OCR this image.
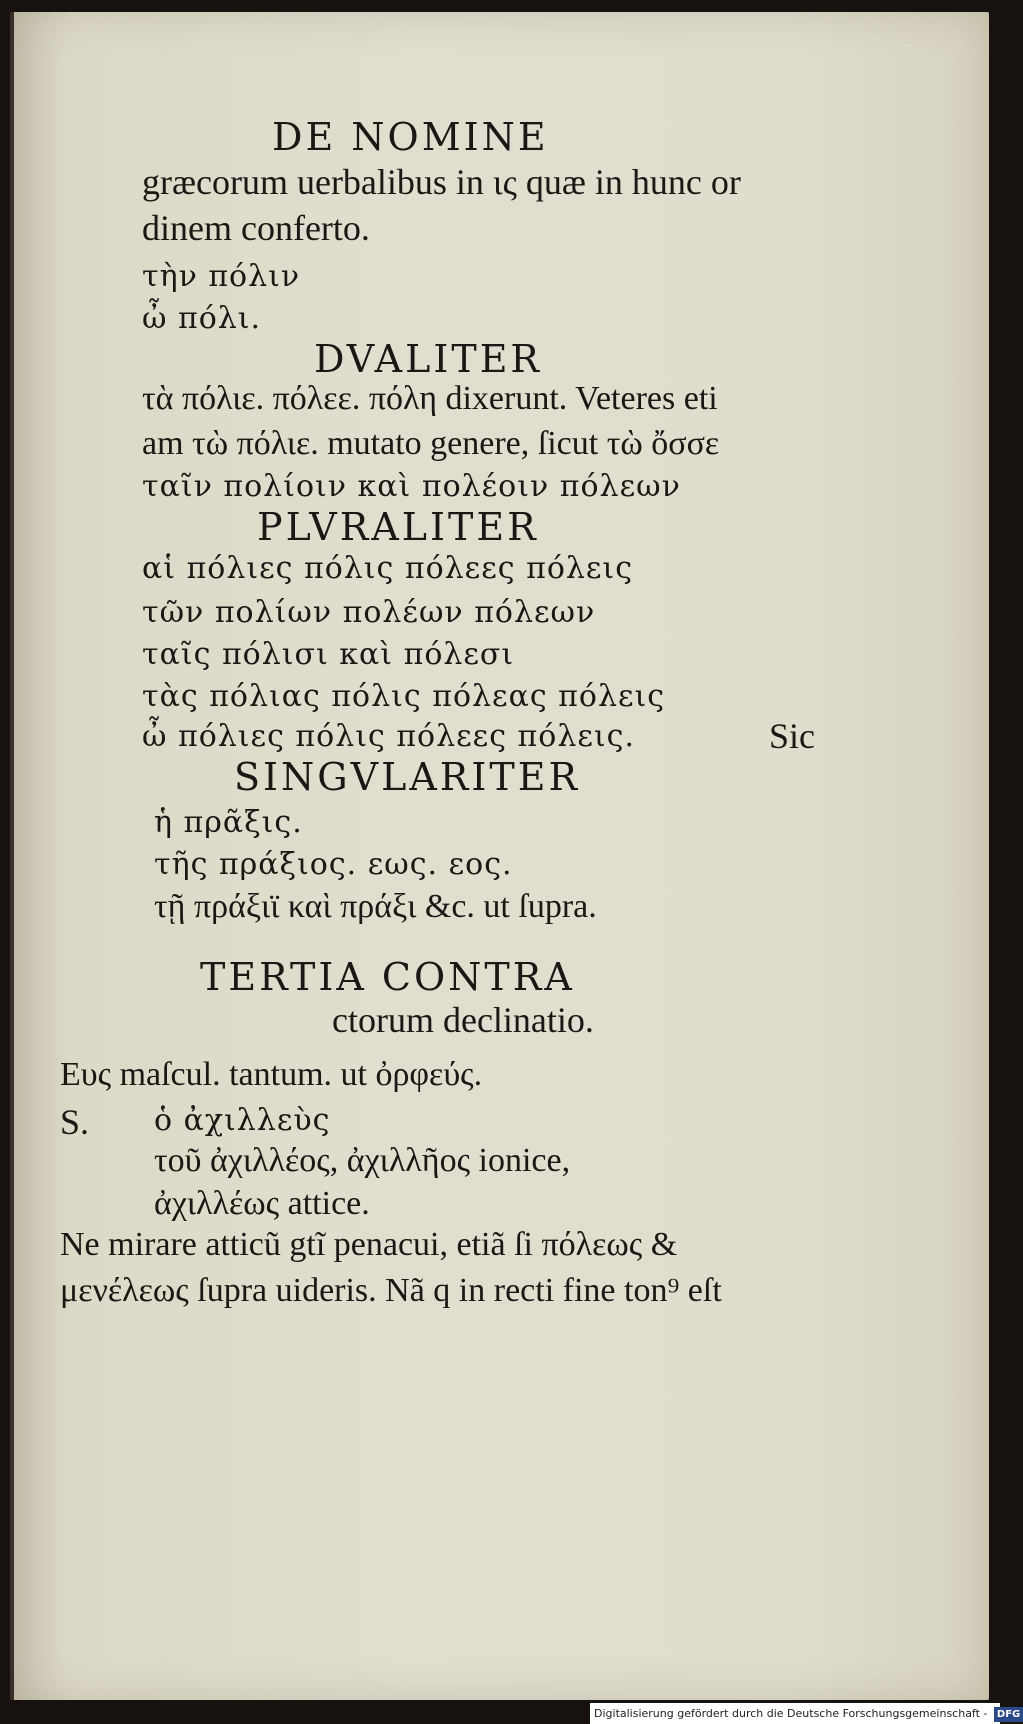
DE NOMINE
græcorum uerbalibus in ις quæ in hunc or
dinem conferto.
τὴν πόλιν
ὦ πόλι.
DVALITER
τὰ πόλιε. πόλεε. πόλη dixerunt. Veteres eti
am τὼ πόλιε. mutato genere, ſicut τὼ ὄσσε
ταῖν πολίοιν καὶ πολέοιν πόλεων
PLVRALITER
αἱ πόλιες πόλις πόλεες πόλεις
τῶν πολίων πολέων πόλεων
ταῖς πόλισι καὶ πόλεσι
τὰς πόλιας πόλις πόλεας πόλεις
ὦ πόλιες πόλις πόλεες πόλεις.	Sic
SINGVLARITER
ἡ πρᾶξις.
τῆς πράξιος. εως. εος.
τῇ πράξιϊ καὶ πράξι &c. ut ſupra.
TERTIA CONTRA
ctorum declinatio.
Ευς maſcul. tantum. ut ὀρφεύς.
S. ὁ ἀχιλλεὺς
τοῦ ἀχιλλέος, ἀχιλλῆος ionice,
ἀχιλλέως attice.
Ne mirare atticũ gtĩ penacui, etiã ſi πόλεως &
μενέλεως ſupra uideris. Nã q in recti fine ton⁹ eſt
Digitalisierung gefördert durch die Deutsche Forschungsgemeinschaft - DFG
